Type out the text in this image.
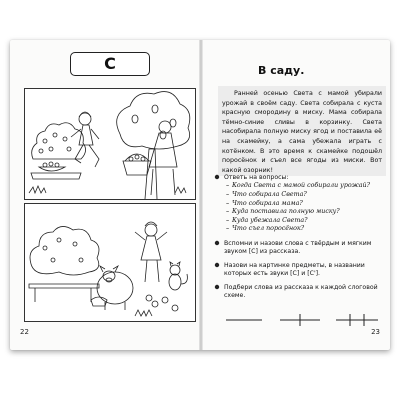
С
22
В саду.
Ранней осенью Света с мамой убирали урожай в своём саду. Света собирала с куста красную смородину в миску. Мама собирала тёмно-синие сливы в корзинку. Света насобирала полную миску ягод и поставила её на скамейку, а сама убежала играть с котёнком. В это время к скамейке подошёл поросёнок и съел все ягоды из миски. Вот какой озорник!
Ответь на вопросы:
– Когда Света с мамой собирали урожай?
– Что собирала Света?
– Что собирала мама?
– Куда поставила полную миску?
– Куда убежала Света?
– Что съел поросёнок?
Вспомни и назови слова с твёрдым и мягким звуком [С] из рассказа.
Назови на картинке предметы, в названии которых есть звуки [С] и [С'].
Подбери слова из рассказа к каждой слоговой схеме.
23
